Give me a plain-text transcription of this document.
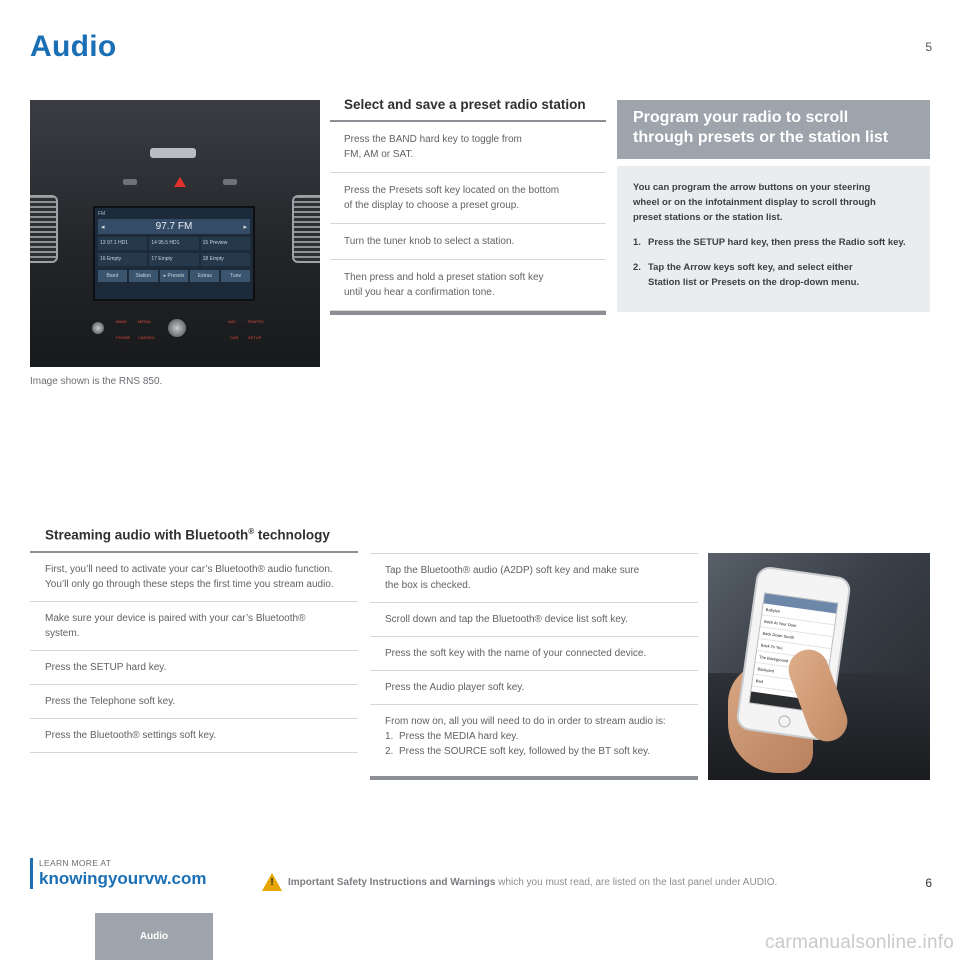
Audio	5
FM
◂	97.7 FM	▸
13 97.1 HD1	14 95.5 HD1	15 Preview
16 Empty	17 Empty	18 Empty
Band	Station	▸ Presets	Extras	Tune
BAND	MEDIA	NAV	TRAFFIC
PHONE CARDEX	CAR SETUP
Image shown is the RNS 850.
Select and save a preset radio station
Press the BAND hard key to toggle from
FM, AM or SAT.
Press the Presets soft key located on the bottom
of the display to choose a preset group.
Turn the tuner knob to select a station.
Then press and hold a preset station soft key
until you hear a confirmation tone.
Program your radio to scroll
through presets or the station list
You can program the arrow buttons on your steering
wheel or on the infotainment display to scroll through
preset stations or the station list.
1. Press the SETUP hard key, then press the Radio soft key.
2. Tap the Arrow keys soft key, and select either
Station list or Presets on the drop-down menu.
Streaming audio with Bluetooth® technology
First, you’ll need to activate your car’s Bluetooth® audio function.
You’ll only go through these steps the first time you stream audio.
Make sure your device is paired with your car’s Bluetooth®
system.
Press the SETUP hard key.
Press the Telephone soft key.
Press the Bluetooth® settings soft key.
Tap the Bluetooth® audio (A2DP) soft key and make sure
the box is checked.
Scroll down and tap the Bluetooth® device list soft key.
Press the soft key with the name of your connected device.
Press the Audio player soft key.
From now on, all you will need to do in order to stream audio is:
1. Press the MEDIA hard key.
2. Press the SOURCE soft key, followed by the BT soft key.
Babylon
Back At Your Door
Back Down South
Back To You
The Background
Backyard
Bad
LEARN MORE AT
knowingyourvw.com	!	Important Safety Instructions and Warnings which you must read, are listed on the last panel under AUDIO.	6
Audio	carmanualsonline.info
